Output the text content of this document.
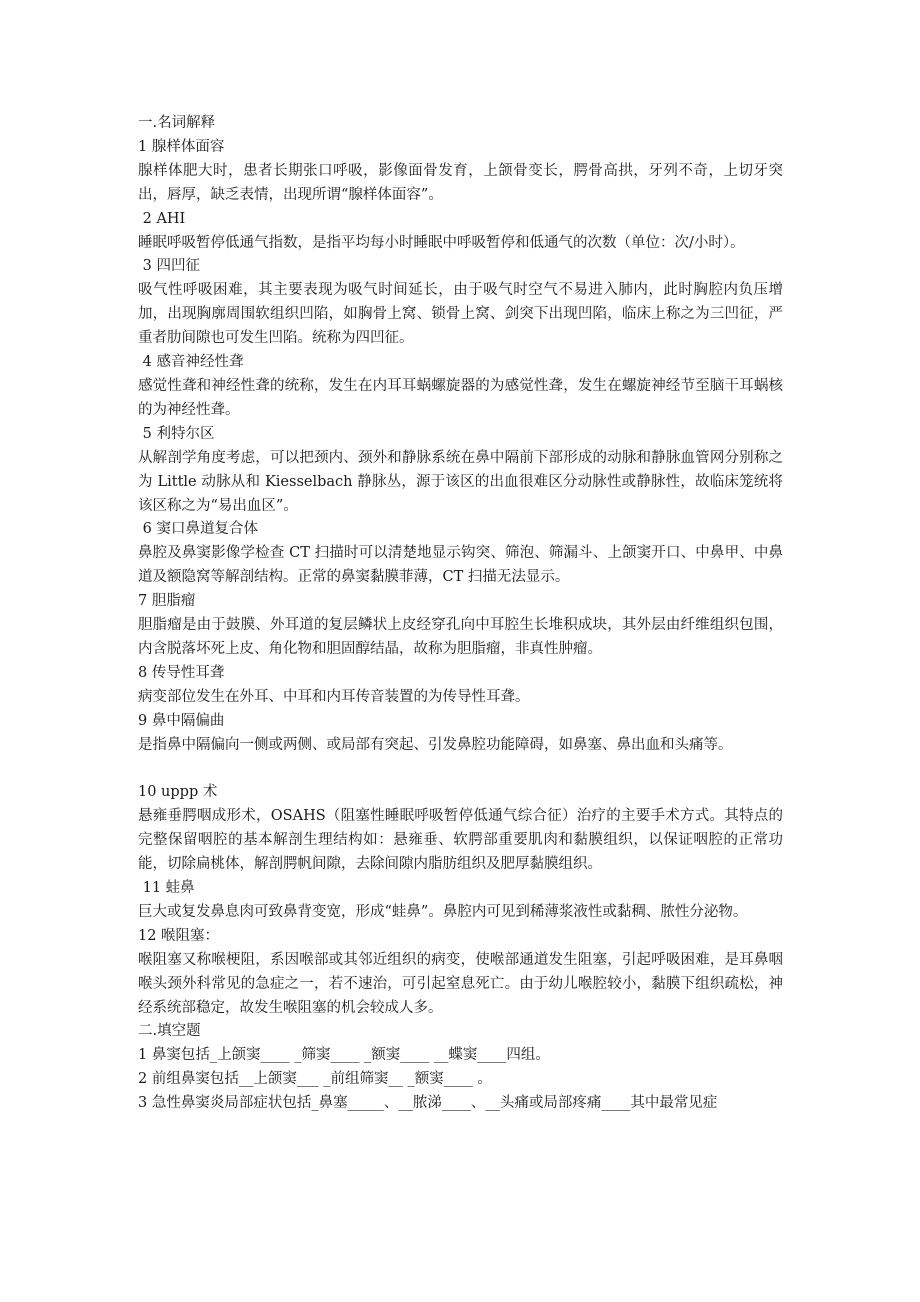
一.名词解释

1 腺样体面容

腺样体肥大时，患者长期张口呼吸，影像面骨发育，上颌骨变长，腭骨高拱，牙列不奇，上切牙突出，唇厚，缺乏表情，出现所谓“腺样体面容”。

2 AHI

睡眠呼吸暂停低通气指数，是指平均每小时睡眠中呼吸暂停和低通气的次数（单位：次/小时）。

3 四凹征

吸气性呼吸困难，其主要表现为吸气时间延长，由于吸气时空气不易进入肺内，此时胸腔内负压增加，出现胸廓周围软组织凹陷，如胸骨上窝、锁骨上窝、剑突下出现凹陷，临床上称之为三凹征，严重者肋间隙也可发生凹陷。统称为四凹征。

4 感音神经性聋

感觉性聋和神经性聋的统称，发生在内耳耳蜗螺旋器的为感觉性聋，发生在螺旋神经节至脑干耳蜗核的为神经性聋。

5 利特尔区

从解剖学角度考虑，可以把颈内、颈外和静脉系统在鼻中隔前下部形成的动脉和静脉血管网分别称之为 Little 动脉从和 Kiesselbach 静脉丛，源于该区的出血很难区分动脉性或静脉性，故临床笼统将该区称之为“易出血区”。

6 窦口鼻道复合体

鼻腔及鼻窦影像学检查 CT 扫描时可以清楚地显示钩突、筛泡、筛漏斗、上颌窦开口、中鼻甲、中鼻道及额隐窝等解剖结构。正常的鼻窦黏膜菲薄，CT 扫描无法显示。

7 胆脂瘤

胆脂瘤是由于鼓膜、外耳道的复层鳞状上皮经穿孔向中耳腔生长堆积成块，其外层由纤维组织包围，内含脱落坏死上皮、角化物和胆固醇结晶，故称为胆脂瘤，非真性肿瘤。

8 传导性耳聋

病变部位发生在外耳、中耳和内耳传音装置的为传导性耳聋。

9 鼻中隔偏曲

是指鼻中隔偏向一侧或两侧、或局部有突起、引发鼻腔功能障碍，如鼻塞、鼻出血和头痛等。

10 uppp 术

悬雍垂腭咽成形术，OSAHS（阻塞性睡眠呼吸暂停低通气综合征）治疗的主要手术方式。其特点的完整保留咽腔的基本解剖生理结构如：悬雍垂、软腭部重要肌肉和黏膜组织，以保证咽腔的正常功能，切除扁桃体，解剖腭帆间隙，去除间隙内脂肪组织及肥厚黏膜组织。

11 蛙鼻

巨大或复发鼻息肉可致鼻背变宽，形成“蛙鼻”。鼻腔内可见到稀薄浆液性或黏稠、脓性分泌物。

12 喉阻塞：

喉阻塞又称喉梗阻，系因喉部或其邻近组织的病变，使喉部通道发生阻塞，引起呼吸困难，是耳鼻咽喉头颈外科常见的急症之一，若不速治，可引起窒息死亡。由于幼儿喉腔较小，黏膜下组织疏松，神经系统部稳定，故发生喉阻塞的机会较成人多。

二.填空题

1 鼻窦包括_上颌窦____ _筛窦____ _额窦____ __蝶窦____四组。

2 前组鼻窦包括__上颌窦___ _前组筛窦__ _额窦____ 。

3 急性鼻窦炎局部症状包括_鼻塞_____、__脓涕____、__头痛或局部疼痛____其中最常见症
